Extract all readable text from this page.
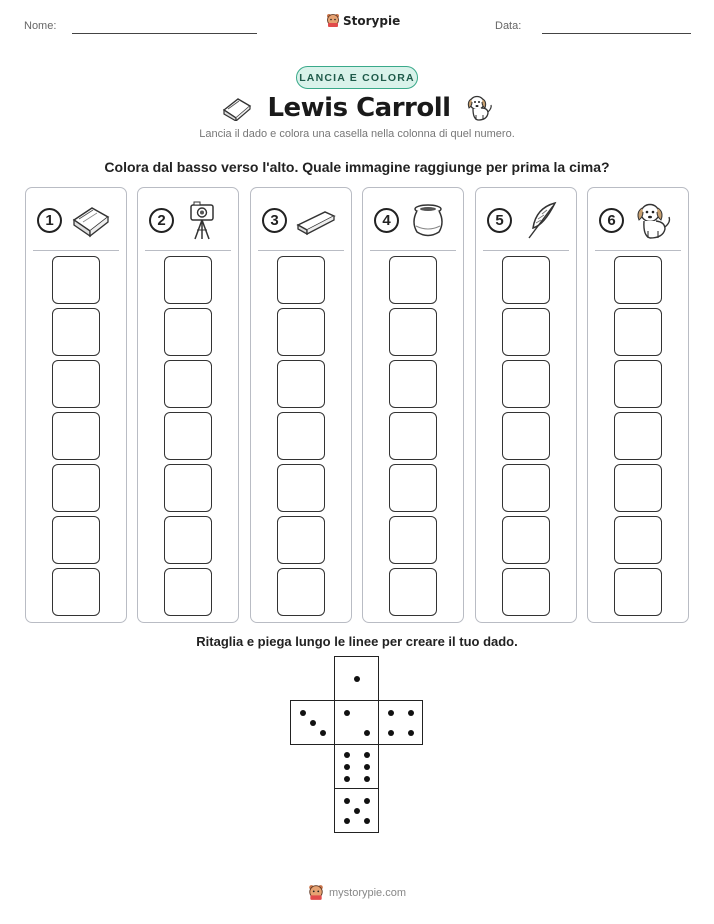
Nome:	Storypie	Data:
LANCIA E COLORA
Lewis Carroll
Lancia il dado e colora una casella nella colonna di quel numero.
Colora dal basso verso l'alto. Quale immagine raggiunge per prima la cima?
1	2	3	4	5	6
Ritaglia e piega lungo le linee per creare il tuo dado.
mystorypie.com
